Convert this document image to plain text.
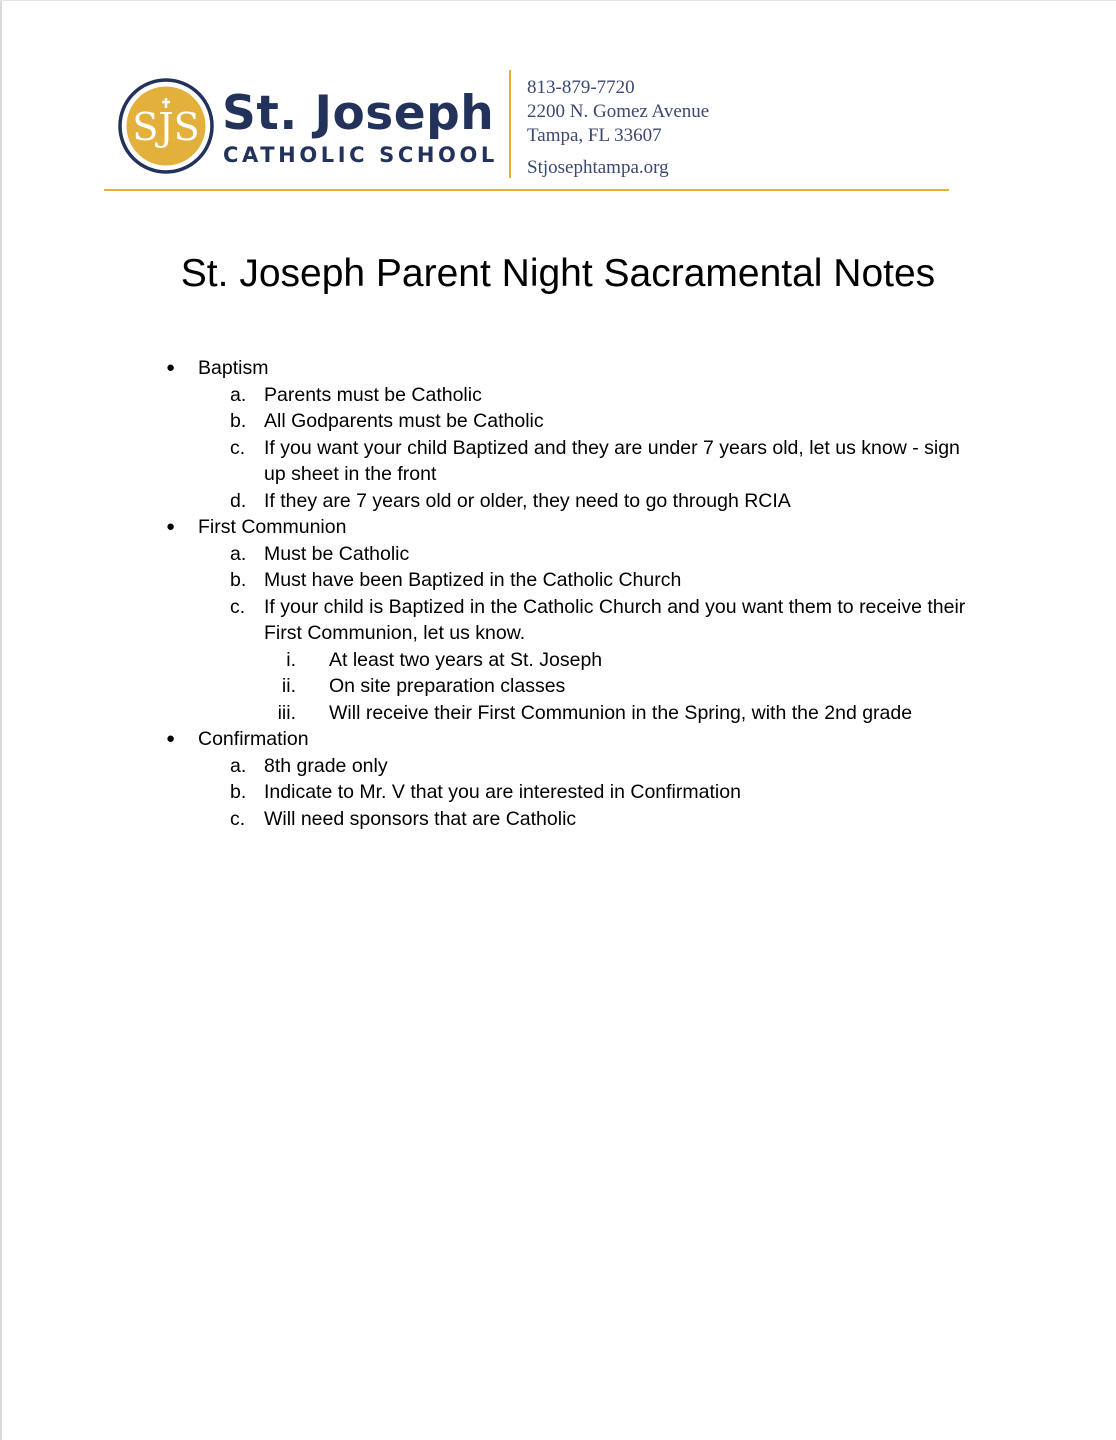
SJS St. Joseph
CATHOLIC SCHOOL
813-879-7720
2200 N. Gomez Avenue
Tampa, FL 33607
Stjosephtampa.org
St. Joseph Parent Night Sacramental Notes
● Baptism
a. Parents must be Catholic
b. All Godparents must be Catholic
c. If you want your child Baptized and they are under 7 years old, let us know - sign
up sheet in the front
d. If they are 7 years old or older, they need to go through RCIA
● First Communion
a. Must be Catholic
b. Must have been Baptized in the Catholic Church
c. If your child is Baptized in the Catholic Church and you want them to receive their
First Communion, let us know.
i. At least two years at St. Joseph
ii. On site preparation classes
iii. Will receive their First Communion in the Spring, with the 2nd grade
● Confirmation
a. 8th grade only
b. Indicate to Mr. V that you are interested in Confirmation
c. Will need sponsors that are Catholic
